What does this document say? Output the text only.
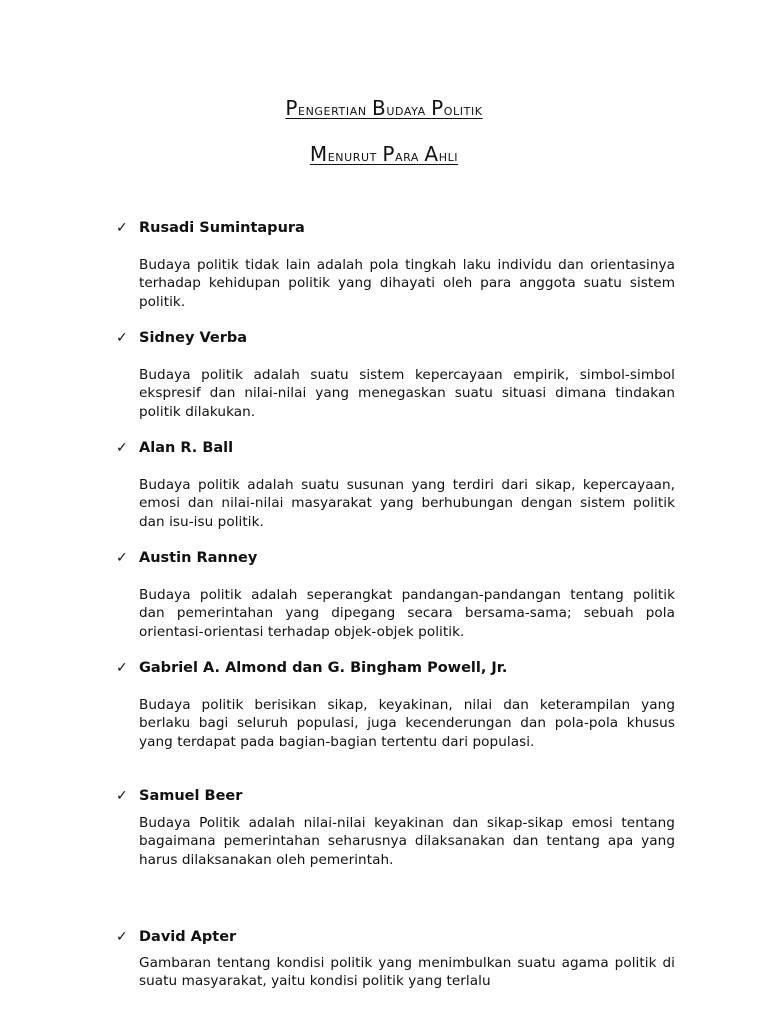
Pengertian Budaya Politik
Menurut Para Ahli
✓ Rusadi Sumintapura
Budaya politik tidak lain adalah pola tingkah laku individu dan orientasinya terhadap kehidupan politik yang dihayati oleh para anggota suatu sistem politik.
✓ Sidney Verba
Budaya politik adalah suatu sistem kepercayaan empirik, simbol-simbol ekspresif dan nilai-nilai yang menegaskan suatu situasi dimana tindakan politik dilakukan.
✓ Alan R. Ball
Budaya politik adalah suatu susunan yang terdiri dari sikap, kepercayaan, emosi dan nilai-nilai masyarakat yang berhubungan dengan sistem politik dan isu-isu politik.
✓ Austin Ranney
Budaya politik adalah seperangkat pandangan-pandangan tentang politik dan pemerintahan yang dipegang secara bersama-sama; sebuah pola orientasi-orientasi terhadap objek-objek politik.
✓ Gabriel A. Almond dan G. Bingham Powell, Jr.
Budaya politik berisikan sikap, keyakinan, nilai dan keterampilan yang berlaku bagi seluruh populasi, juga kecenderungan dan pola-pola khusus yang terdapat pada bagian-bagian tertentu dari populasi.
✓ Samuel Beer
Budaya Politik adalah nilai-nilai keyakinan dan sikap-sikap emosi tentang bagaimana pemerintahan seharusnya dilaksanakan dan tentang apa yang harus dilaksanakan oleh pemerintah.
✓ David Apter
Gambaran tentang kondisi politik yang menimbulkan suatu agama politik di suatu masyarakat, yaitu kondisi politik yang terlalu
